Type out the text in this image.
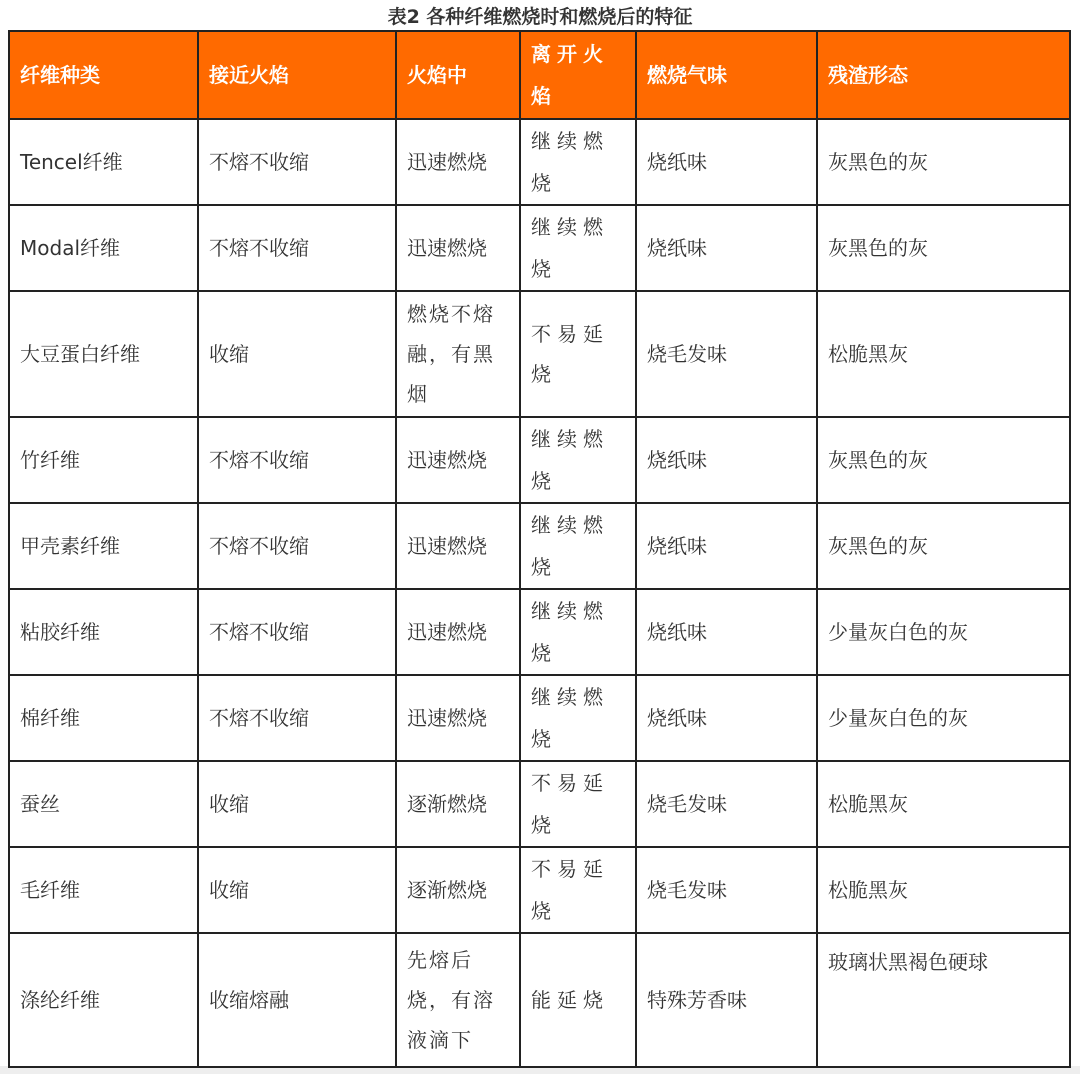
表2 各种纤维燃烧时和燃烧后的特征
纤维种类	接近火焰	火焰中	离开火焰	燃烧气味	残渣形态
Tencel纤维	不熔不收缩	迅速燃烧	继续燃烧	烧纸味	灰黑色的灰
Modal纤维	不熔不收缩	迅速燃烧	继续燃烧	烧纸味	灰黑色的灰
大豆蛋白纤维	收缩	燃烧不熔融，有黑烟	不易延烧	烧毛发味	松脆黑灰
竹纤维	不熔不收缩	迅速燃烧	继续燃烧	烧纸味	灰黑色的灰
甲壳素纤维	不熔不收缩	迅速燃烧	继续燃烧	烧纸味	灰黑色的灰
粘胶纤维	不熔不收缩	迅速燃烧	继续燃烧	烧纸味	少量灰白色的灰
棉纤维	不熔不收缩	迅速燃烧	继续燃烧	烧纸味	少量灰白色的灰
蚕丝	收缩	逐渐燃烧	不易延烧	烧毛发味	松脆黑灰
毛纤维	收缩	逐渐燃烧	不易延烧	烧毛发味	松脆黑灰
涤纶纤维	收缩熔融	先熔后烧，有溶液滴下	能延烧	特殊芳香味	玻璃状黑褐色硬球
